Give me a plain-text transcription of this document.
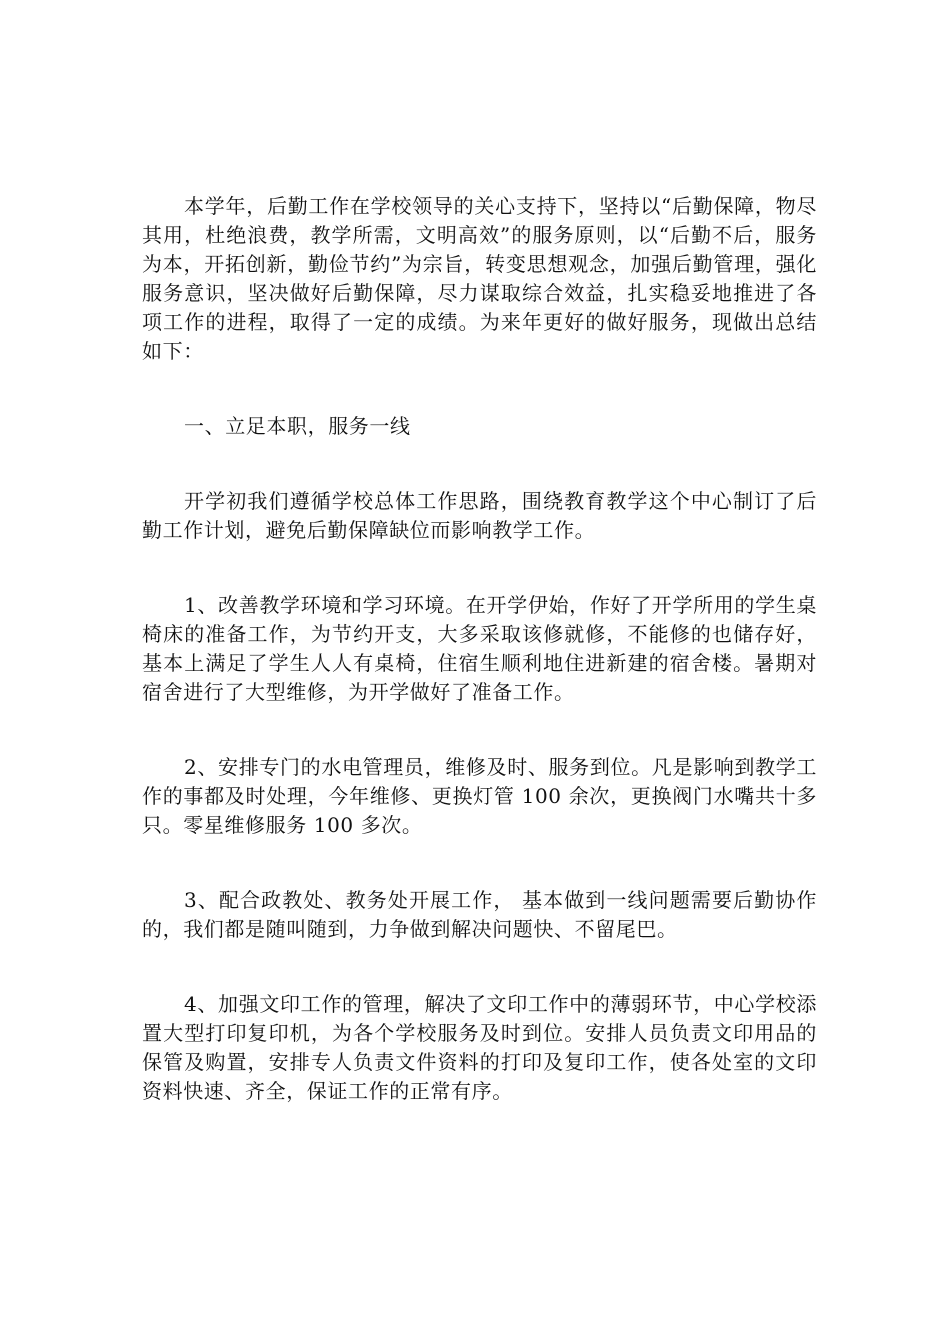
本学年，后勤工作在学校领导的关心支持下，坚持以“后勤保障，物尽其用，杜绝浪费，教学所需，文明高效”的服务原则，以“后勤不后，服务为本，开拓创新，勤俭节约”为宗旨，转变思想观念，加强后勤管理，强化服务意识，坚决做好后勤保障，尽力谋取综合效益，扎实稳妥地推进了各项工作的进程，取得了一定的成绩。为来年更好的做好服务，现做出总结如下：

一、立足本职，服务一线

开学初我们遵循学校总体工作思路，围绕教育教学这个中心制订了后勤工作计划，避免后勤保障缺位而影响教学工作。

1、改善教学环境和学习环境。在开学伊始，作好了开学所用的学生桌椅床的准备工作，为节约开支，大多采取该修就修，不能修的也储存好，基本上满足了学生人人有桌椅，住宿生顺利地住进新建的宿舍楼。暑期对宿舍进行了大型维修，为开学做好了准备工作。

2、安排专门的水电管理员，维修及时、服务到位。凡是影响到教学工作的事都及时处理，今年维修、更换灯管 100 余次，更换阀门水嘴共十多只。零星维修服务 100 多次。

3、配合政教处、教务处开展工作， 基本做到一线问题需要后勤协作的，我们都是随叫随到，力争做到解决问题快、不留尾巴。

4、加强文印工作的管理，解决了文印工作中的薄弱环节，中心学校添置大型打印复印机，为各个学校服务及时到位。安排人员负责文印用品的保管及购置，安排专人负责文件资料的打印及复印工作，使各处室的文印资料快速、齐全，保证工作的正常有序。
